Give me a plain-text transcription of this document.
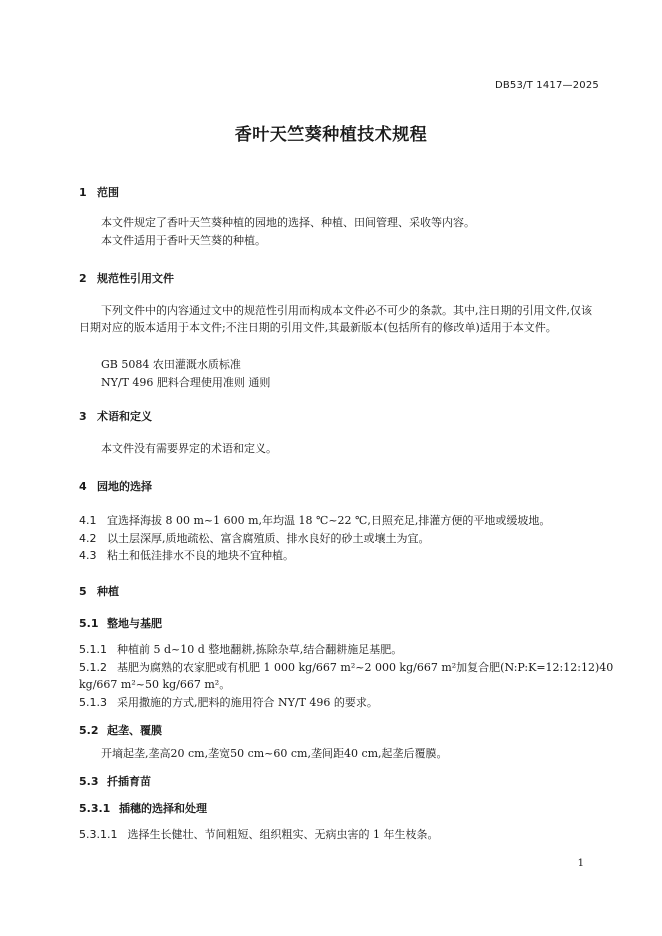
DB53/T 1417—2025
香叶天竺葵种植技术规程
1 范围
本文件规定了香叶天竺葵种植的园地的选择、种植、田间管理、采收等内容。
本文件适用于香叶天竺葵的种植。
2 规范性引用文件
下列文件中的内容通过文中的规范性引用而构成本文件必不可少的条款。其中,注日期的引用文件,仅该日期对应的版本适用于本文件;不注日期的引用文件,其最新版本(包括所有的修改单)适用于本文件。
GB 5084 农田灌溉水质标准
NY/T 496 肥料合理使用准则 通则
3 术语和定义
本文件没有需要界定的术语和定义。
4 园地的选择
4.1 宜选择海拔 8 00 m~1 600 m,年均温 18 ℃~22 ℃,日照充足,排灌方便的平地或缓坡地。
4.2 以土层深厚,质地疏松、富含腐殖质、排水良好的砂土或壤土为宜。
4.3 粘土和低洼排水不良的地块不宜种植。
5 种植
5.1 整地与基肥
5.1.1 种植前 5 d~10 d 整地翻耕,拣除杂草,结合翻耕施足基肥。
5.1.2 基肥为腐熟的农家肥或有机肥 1 000 kg/667 m²~2 000 kg/667 m²加复合肥(N:P:K=12:12:12)40
kg/667 m²~50 kg/667 m²。
5.1.3 采用撒施的方式,肥料的施用符合 NY/T 496 的要求。
5.2 起垄、覆膜
开墒起垄,垄高20 cm,垄宽50 cm~60 cm,垄间距40 cm,起垄后覆膜。
5.3 扦插育苗
5.3.1 插穗的选择和处理
5.3.1.1 选择生长健壮、节间粗短、组织粗实、无病虫害的 1 年生枝条。
1
